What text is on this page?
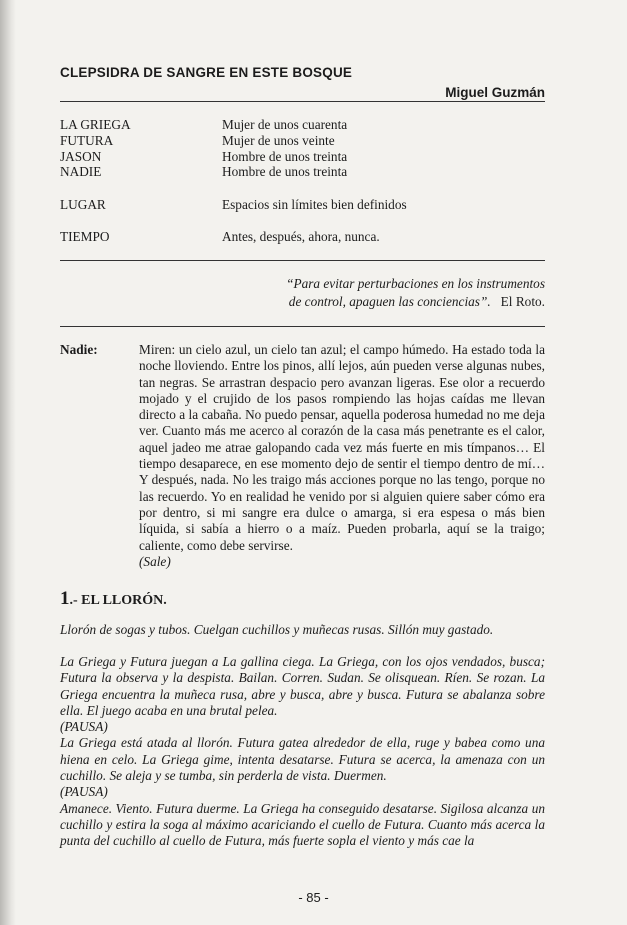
CLEPSIDRA DE SANGRE EN ESTE BOSQUE
Miguel Guzmán
LA GRIEGA	Mujer de unos cuarenta
FUTURA	Mujer de unos veinte
JASON	Hombre de unos treinta
NADIE	Hombre de unos treinta
LUGAR	Espacios sin límites bien definidos
TIEMPO	Antes, después, ahora, nunca.
“Para evitar perturbaciones en los instrumentos
de control, apaguen las conciencias”. El Roto.
Nadie:	Miren: un cielo azul, un cielo tan azul; el campo húmedo. Ha estado toda la noche lloviendo. Entre los pinos, allí lejos, aún pueden verse algunas nubes, tan negras. Se arrastran despacio pero avanzan ligeras. Ese olor a recuerdo mojado y el crujido de los pasos rompiendo las hojas caídas me llevan directo a la cabaña. No puedo pensar, aquella poderosa humedad no me deja ver. Cuanto más me acerco al corazón de la casa más penetrante es el calor, aquel jadeo me atrae galopando cada vez más fuerte en mis tímpanos… El tiempo desaparece, en ese momento dejo de sentir el tiempo dentro de mí…Y después, nada. No les traigo más acciones porque no las tengo, porque no las recuerdo. Yo en realidad he venido por si alguien quiere saber cómo era por dentro, si mi sangre era dulce o amarga, si era espesa o más bien líquida, si sabía a hierro o a maíz. Pueden probarla, aquí se la traigo; caliente, como debe servirse.
(Sale)
1.- EL LLORÓN.
Llorón de sogas y tubos. Cuelgan cuchillos y muñecas rusas. Sillón muy gastado.
La Griega y Futura juegan a La gallina ciega. La Griega, con los ojos vendados, busca; Futura la observa y la despista. Bailan. Corren. Sudan. Se olisquean. Ríen. Se rozan. La Griega encuentra la muñeca rusa, abre y busca, abre y busca. Futura se abalanza sobre ella. El juego acaba en una brutal pelea.
(PAUSA)
La Griega está atada al llorón. Futura gatea alrededor de ella, ruge y babea como una hiena en celo. La Griega gime, intenta desatarse. Futura se acerca, la amenaza con un cuchillo. Se aleja y se tumba, sin perderla de vista. Duermen.
(PAUSA)
Amanece. Viento. Futura duerme. La Griega ha conseguido desatarse. Sigilosa alcanza un cuchillo y estira la soga al máximo acariciando el cuello de Futura. Cuanto más acerca la punta del cuchillo al cuello de Futura, más fuerte sopla el viento y más cae la
- 85 -
